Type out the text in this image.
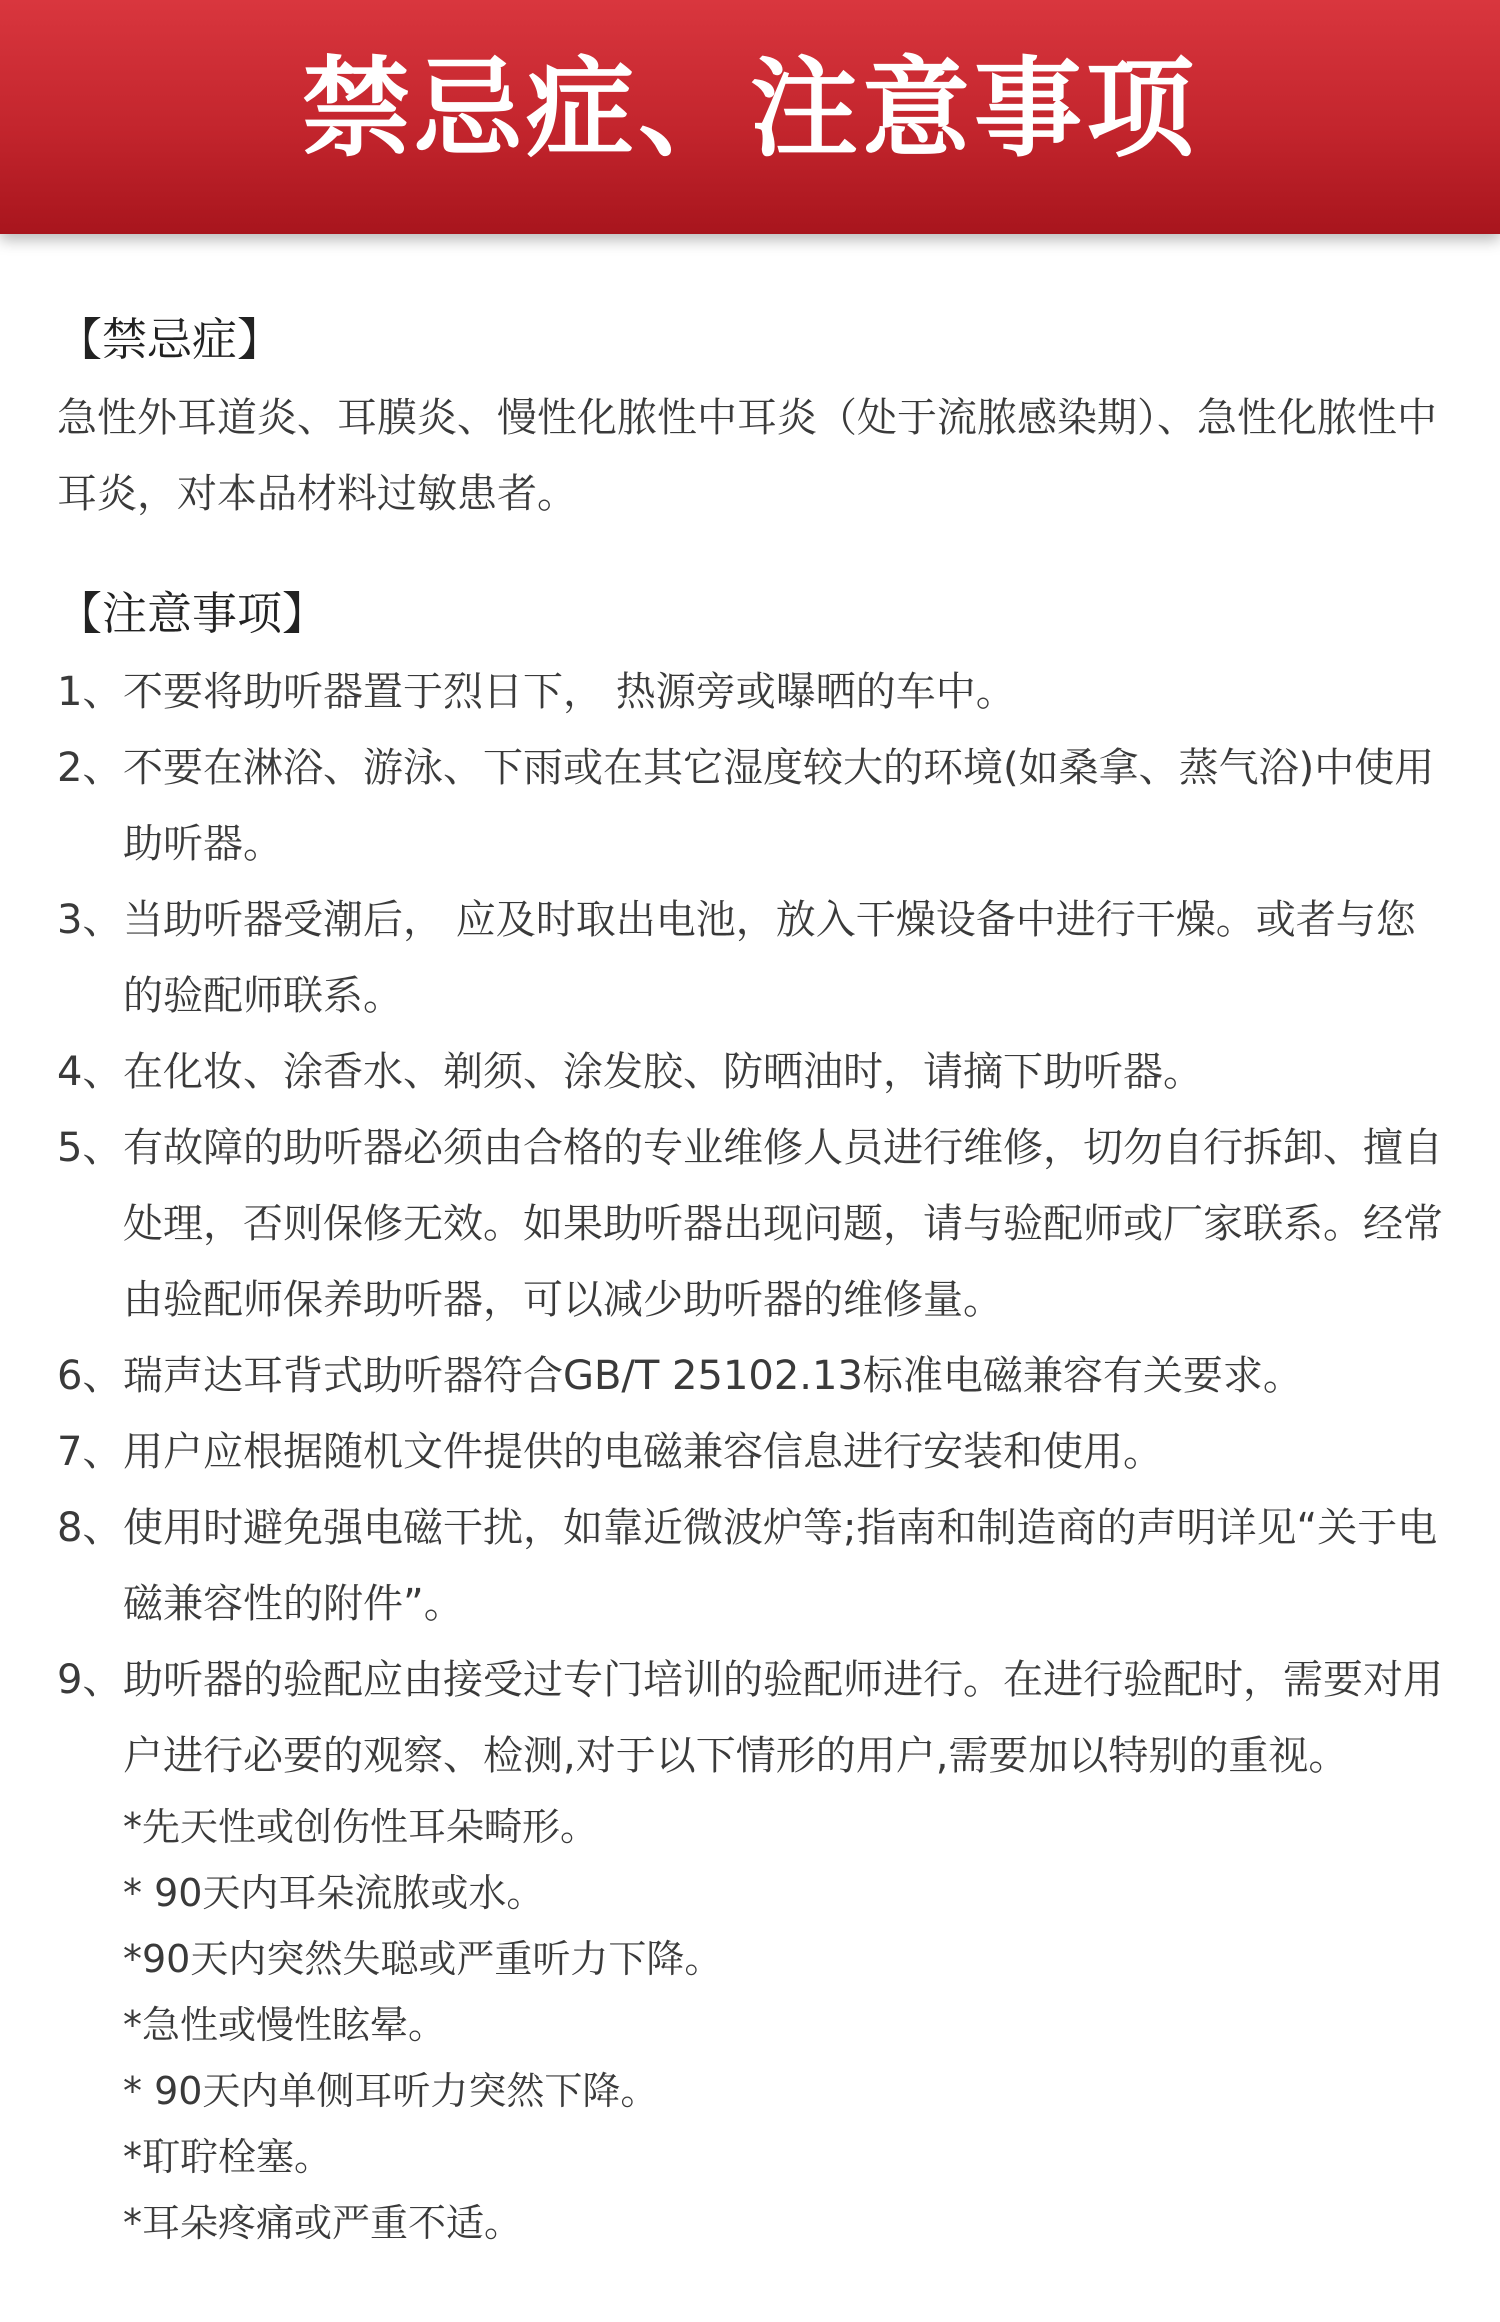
禁忌症、注意事项

【禁忌症】

急性外耳道炎、耳膜炎、慢性化脓性中耳炎（处于流脓感染期）、急性化脓性中耳炎，对本品材料过敏患者。

【注意事项】

1、 不要将助听器置于烈日下， 热源旁或曝晒的车中。
2、 不要在淋浴、游泳、下雨或在其它湿度较大的环境(如桑拿、蒸气浴)中使用助听器。
3、 当助听器受潮后， 应及时取出电池，放入干燥设备中进行干燥。或者与您的验配师联系。
4、 在化妆、涂香水、剃须、涂发胶、防晒油时，请摘下助听器。
5、 有故障的助听器必须由合格的专业维修人员进行维修，切勿自行拆卸、擅自处理，否则保修无效。如果助听器出现问题，请与验配师或厂家联系。经常由验配师保养助听器，可以减少助听器的维修量。
6、 瑞声达耳背式助听器符合GB/T 25102.13标准电磁兼容有关要求。
7、 用户应根据随机文件提供的电磁兼容信息进行安装和使用。
8、 使用时避免强电磁干扰，如靠近微波炉等;指南和制造商的声明详见“关于电磁兼容性的附件”。
9、 助听器的验配应由接受过专门培训的验配师进行。在进行验配时，需要对用户进行必要的观察、检测,对于以下情形的用户,需要加以特别的重视。
*先天性或创伤性耳朵畸形。
* 90天内耳朵流脓或水。
*90天内突然失聪或严重听力下降。
*急性或慢性眩晕。
* 90天内单侧耳听力突然下降。
*耵聍栓塞。
*耳朵疼痛或严重不适。
